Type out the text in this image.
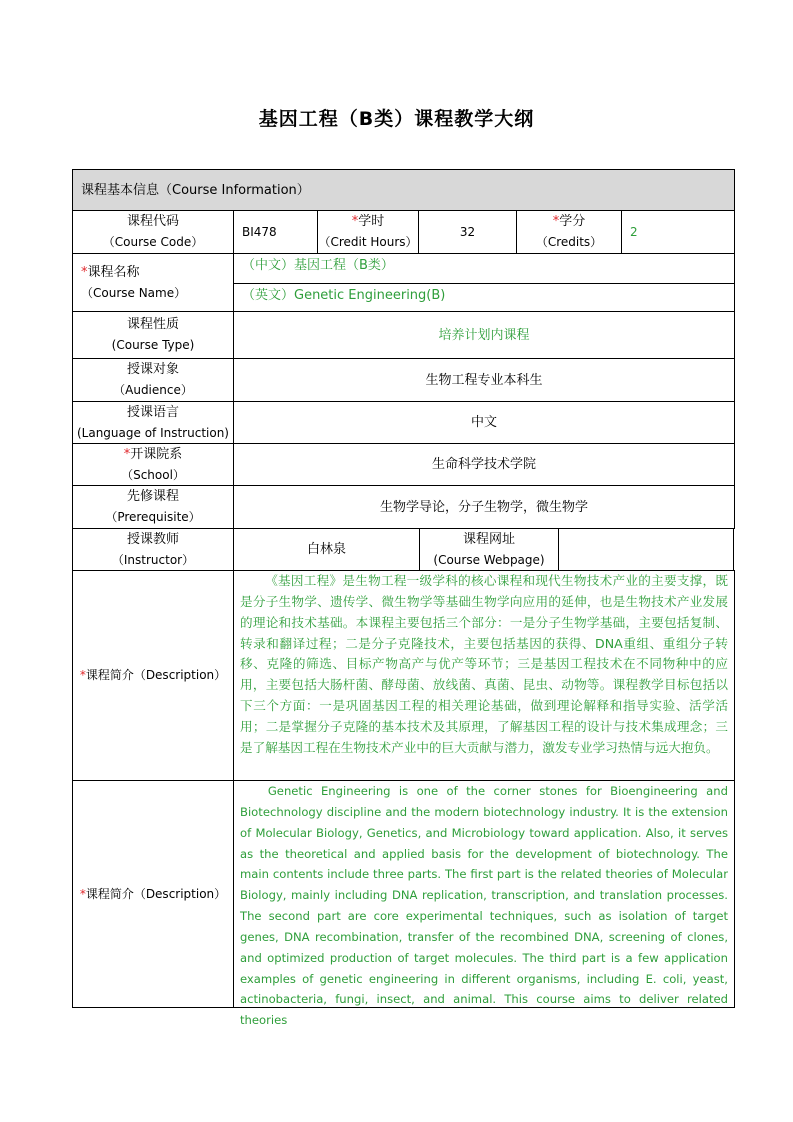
基因工程（B类）课程教学大纲
课程基本信息（Course Information）
课程代码
（Course Code）
BI478
*学时
（Credit Hours）
32
*学分
（Credits）
2
*课程名称
（Course Name）
（中文）基因工程（B类）
（英文）Genetic Engineering(B)
课程性质
(Course Type)
培养计划内课程
授课对象
（Audience）
生物工程专业本科生
授课语言
(Language of Instruction)
中文
*开课院系
（School）
生命科学技术学院
先修课程
（Prerequisite）
生物学导论，分子生物学，微生物学
授课教师
（Instructor）
白林泉
课程网址
(Course Webpage)
*课程简介（Description）
《基因工程》是生物工程一级学科的核心课程和现代生物技术产业的主要支撑，既是分子生物学、遗传学、微生物学等基础生物学向应用的延伸，也是生物技术产业发展的理论和技术基础。本课程主要包括三个部分：一是分子生物学基础，主要包括复制、转录和翻译过程；二是分子克隆技术，主要包括基因的获得、DNA重组、重组分子转移、克隆的筛选、目标产物高产与优产等环节；三是基因工程技术在不同物种中的应用，主要包括大肠杆菌、酵母菌、放线菌、真菌、昆虫、动物等。课程教学目标包括以下三个方面：一是巩固基因工程的相关理论基础，做到理论解释和指导实验、活学活用；二是掌握分子克隆的基本技术及其原理，了解基因工程的设计与技术集成理念；三是了解基因工程在生物技术产业中的巨大贡献与潜力，激发专业学习热情与远大抱负。
*课程简介（Description）
Genetic Engineering is one of the corner stones for Bioengineering and Biotechnology discipline and the modern biotechnology industry. It is the extension of Molecular Biology, Genetics, and Microbiology toward application. Also, it serves as the theoretical and applied basis for the development of biotechnology. The main contents include three parts. The first part is the related theories of Molecular Biology, mainly including DNA replication, transcription, and translation processes. The second part are core experimental techniques, such as isolation of target genes, DNA recombination, transfer of the recombined DNA, screening of clones, and optimized production of target molecules. The third part is a few application examples of genetic engineering in different organisms, including E. coli, yeast, actinobacteria, fungi, insect, and animal. This course aims to deliver related theories
